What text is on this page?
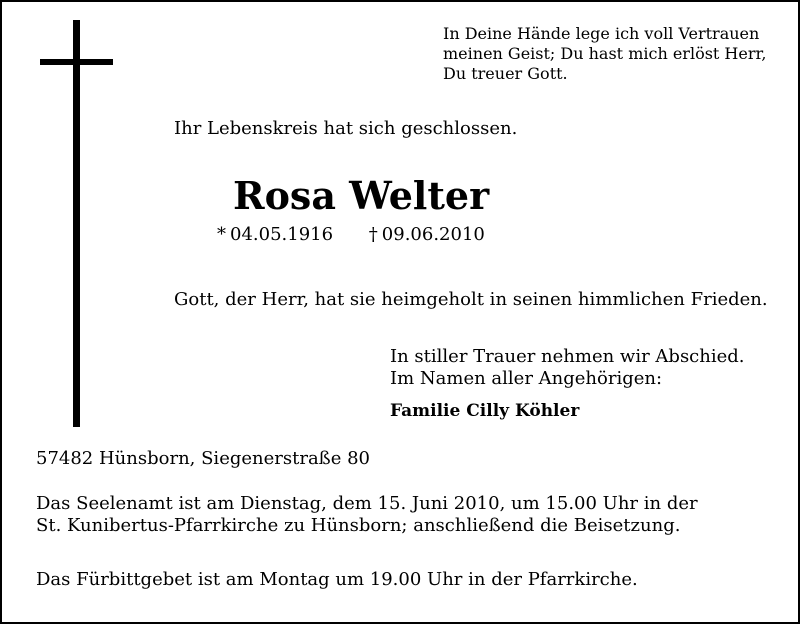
In Deine Hände lege ich voll Vertrauen
meinen Geist; Du hast mich erlöst Herr,
Du treuer Gott.
Ihr Lebenskreis hat sich geschlossen.
Rosa Welter
* 04.05.1916 † 09.06.2010
Gott, der Herr, hat sie heimgeholt in seinen himmlichen Frieden.
In stiller Trauer nehmen wir Abschied.
Im Namen aller Angehörigen:
Familie Cilly Köhler
57482 Hünsborn, Siegenerstraße 80
Das Seelenamt ist am Dienstag, dem 15. Juni 2010, um 15.00 Uhr in der
St. Kunibertus-Pfarrkirche zu Hünsborn; anschließend die Beisetzung.
Das Fürbittgebet ist am Montag um 19.00 Uhr in der Pfarrkirche.
